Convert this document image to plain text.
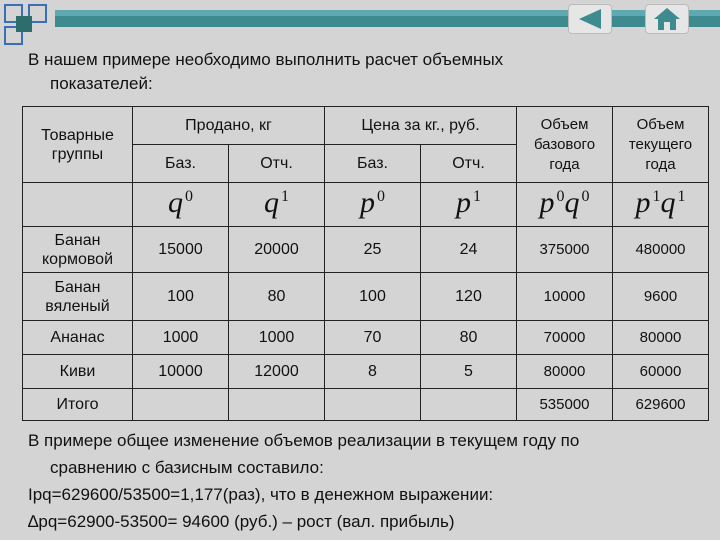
В нашем примере необходимо выполнить расчет объемных
показателей:
Товарные группы	Продано, кг		Цена за кг., руб.		Объем базового года	Объем текущего года
	Баз.	Отч.	Баз.	Отч.		
	q $^0$	q $^1$	p $^0$	p $^1$	p $^0$q $^0$	p $^1$q $^1$
Банан кормовой	15000	20000	25	24	375000	480000
Банан вяленый	100	80	100	120	10000	9600
Ананас	1000	1000	70	80	70000	80000
Киви	10000	12000	8	5	80000	60000
Итого					535000	629600
В примере общее изменение объемов реализации в текущем году по
сравнению с базисным составило:
Ipq=629600/53500=1,177(раз), что в денежном выражении:
∆pq=62900-53500= 94600 (руб.) – рост (вал. прибыль)
